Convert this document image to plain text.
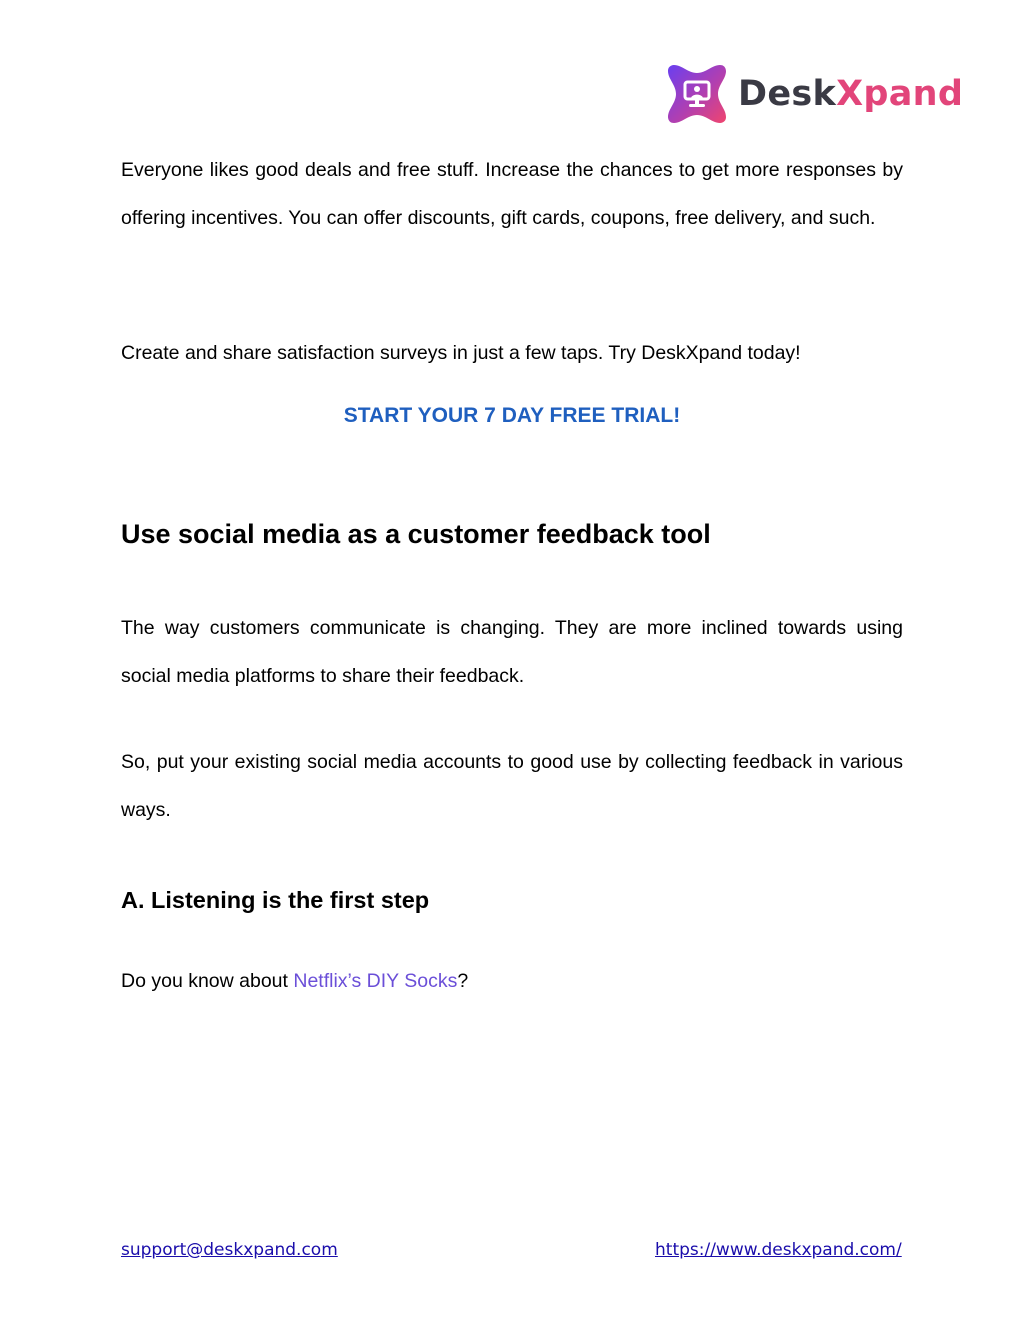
DeskXpand

Everyone likes good deals and free stuff. Increase the chances to get more responses by offering incentives. You can offer discounts, gift cards, coupons, free delivery, and such.

Create and share satisfaction surveys in just a few taps. Try DeskXpand today!

START YOUR 7 DAY FREE TRIAL!
Use social media as a customer feedback tool

The way customers communicate is changing. They are more inclined towards using social media platforms to share their feedback.

So, put your existing social media accounts to good use by collecting feedback in various ways.

A. Listening is the first step

Do you know about Netflix’s DIY Socks?

support@deskxpand.com	https://www.deskxpand.com/
